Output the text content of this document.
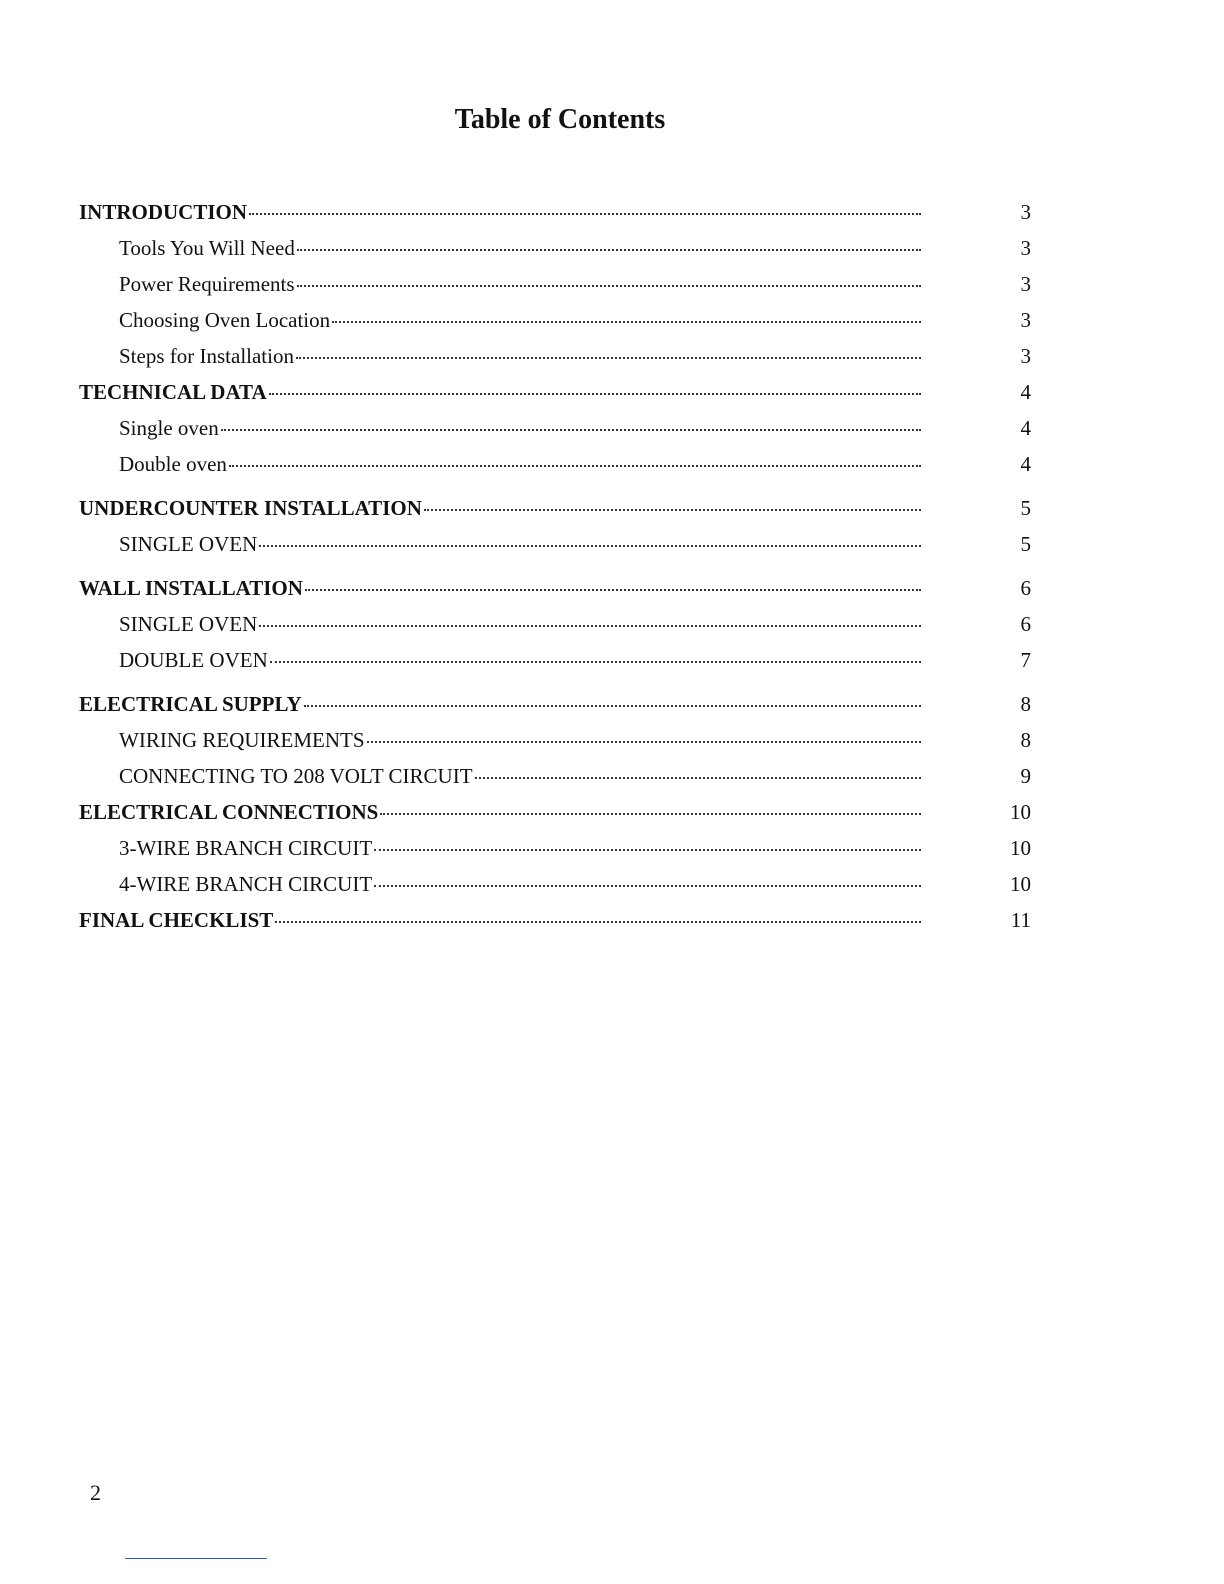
Table of Contents
INTRODUCTION	3
Tools You Will Need	3
Power Requirements	3
Choosing Oven Location	3
Steps for Installation	3
TECHNICAL DATA	4
Single oven	4
Double oven	4
UNDERCOUNTER INSTALLATION	5
SINGLE OVEN	5
WALL INSTALLATION	6
SINGLE OVEN	6
DOUBLE OVEN	7
ELECTRICAL SUPPLY	8
WIRING REQUIREMENTS	8
CONNECTING TO 208 VOLT CIRCUIT	9
ELECTRICAL CONNECTIONS	10
3-WIRE BRANCH CIRCUIT	10
4-WIRE BRANCH CIRCUIT	10
FINAL CHECKLIST	11
2
